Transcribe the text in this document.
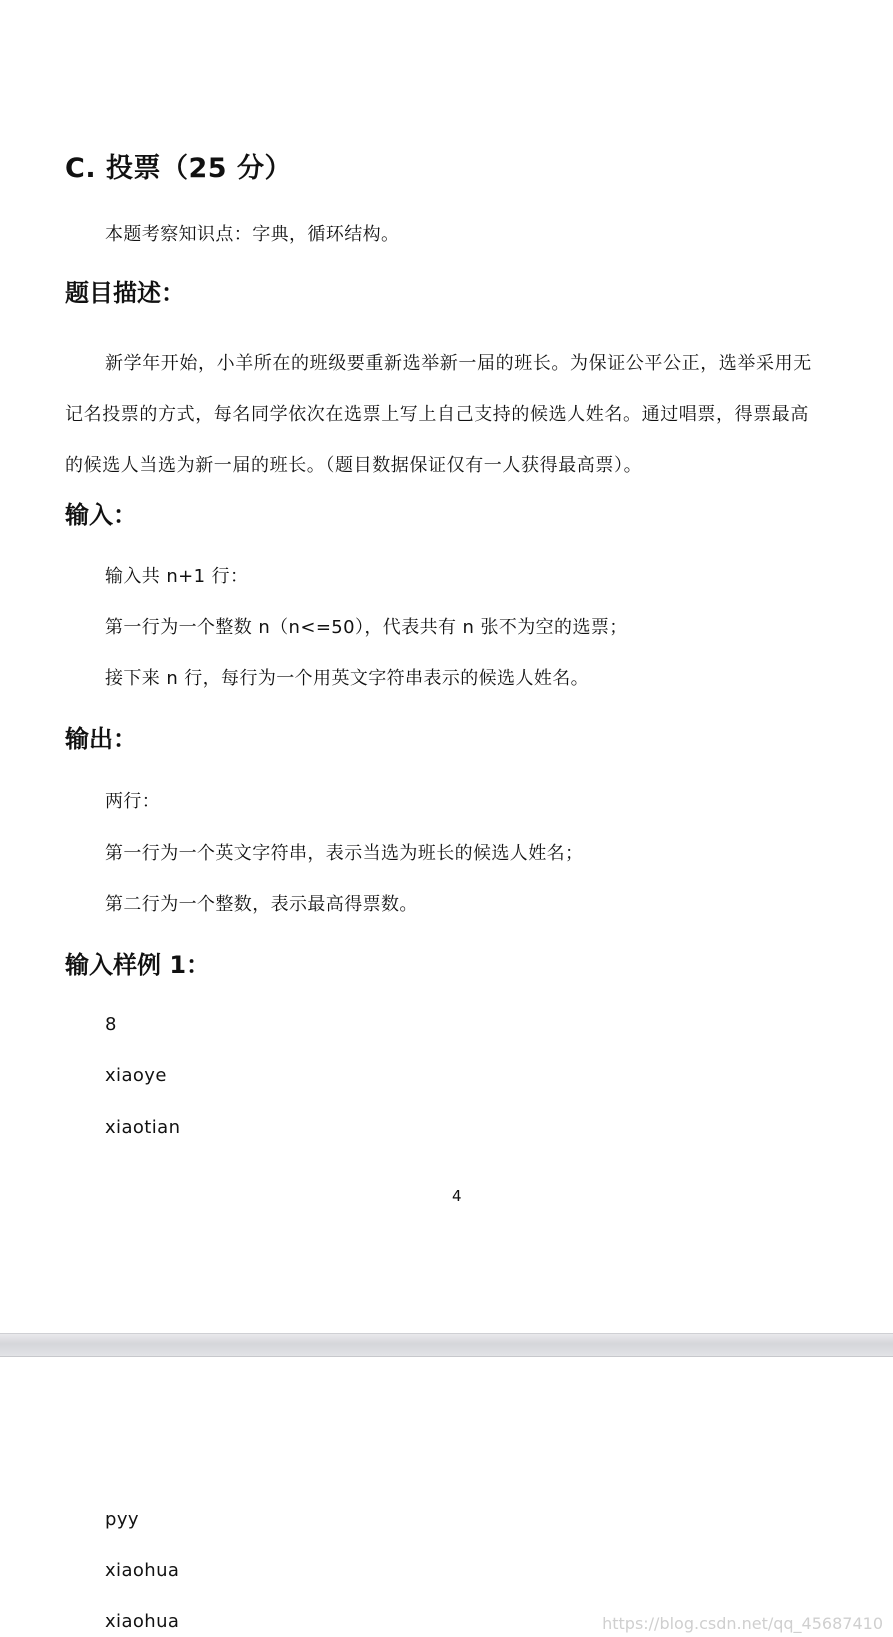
C. 投票（25 分）
本题考察知识点：字典，循环结构。
题目描述：
新学年开始，小羊所在的班级要重新选举新一届的班长。为保证公平公正，选举采用无
记名投票的方式，每名同学依次在选票上写上自己支持的候选人姓名。通过唱票，得票最高
的候选人当选为新一届的班长。（题目数据保证仅有一人获得最高票）。
输入：
输入共 n+1 行：
第一行为一个整数 n（n<=50），代表共有 n 张不为空的选票；
接下来 n 行，每行为一个用英文字符串表示的候选人姓名。
输出：
两行：
第一行为一个英文字符串，表示当选为班长的候选人姓名；
第二行为一个整数，表示最高得票数。
输入样例 1：
8
xiaoye
xiaotian
4
pyy
xiaohua
xiaohua	https://blog.csdn.net/qq_45687410
